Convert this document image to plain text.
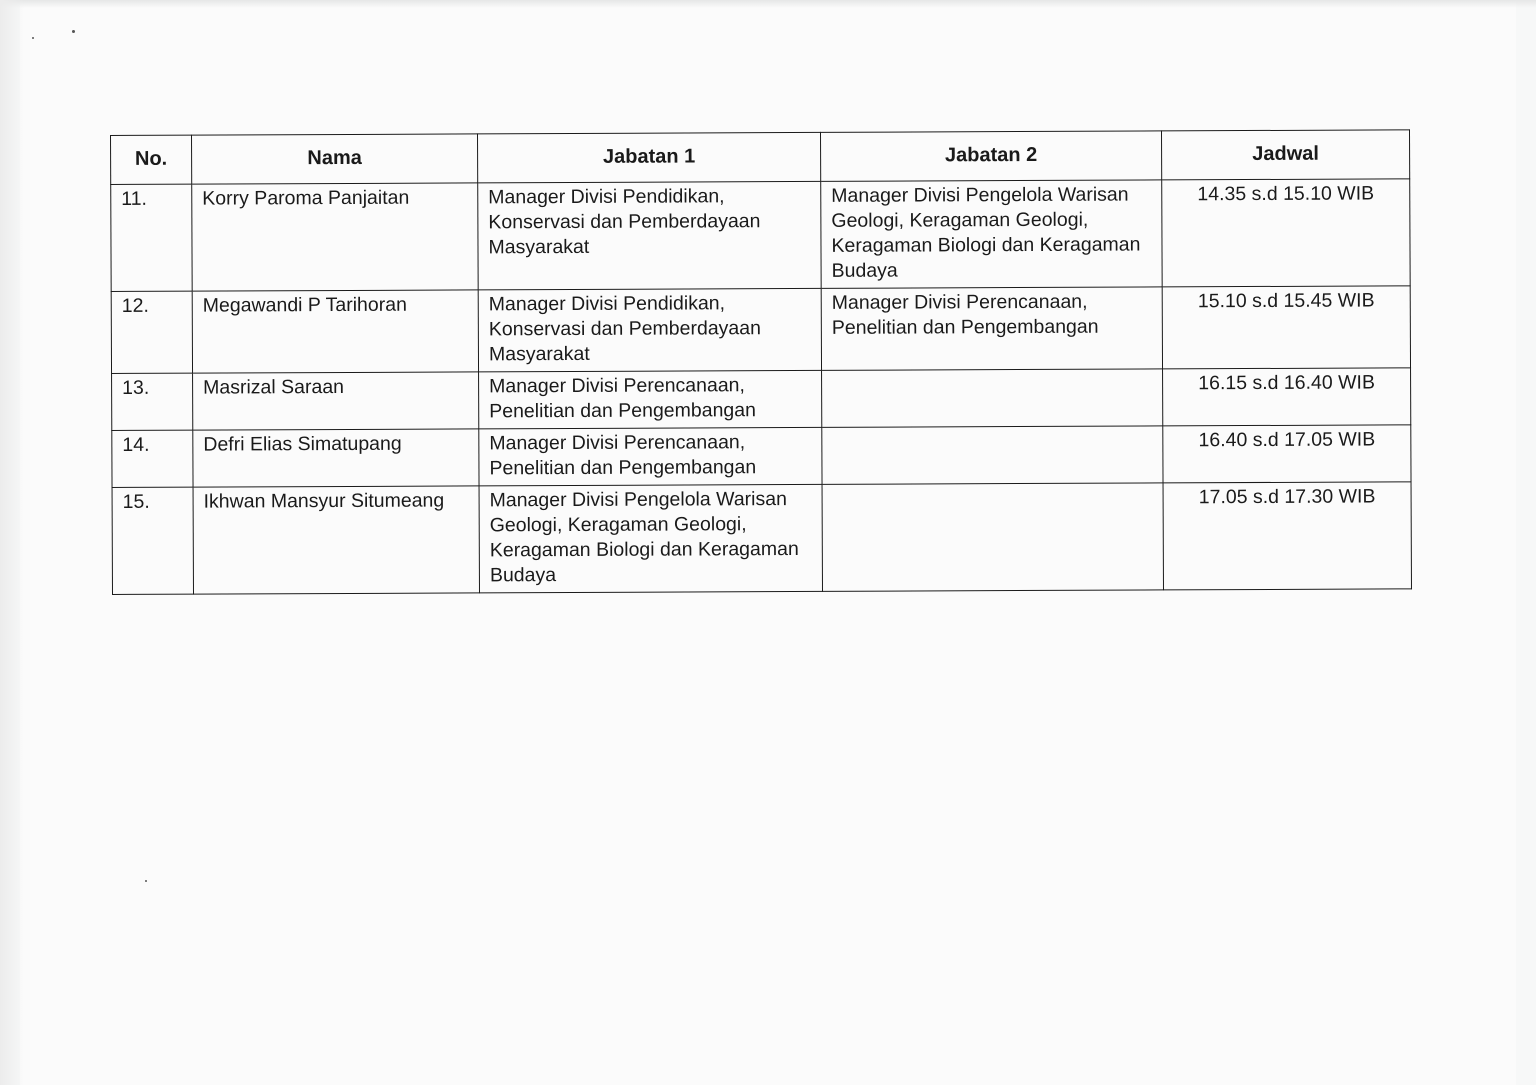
No.	Nama	Jabatan 1	Jabatan 2	Jadwal
11.	Korry Paroma Panjaitan	Manager Divisi Pendidikan, Konservasi dan Pemberdayaan Masyarakat	Manager Divisi Pengelola Warisan Geologi, Keragaman Geologi, Keragaman Biologi dan Keragaman Budaya	14.35 s.d 15.10 WIB
12.	Megawandi P Tarihoran	Manager Divisi Pendidikan, Konservasi dan Pemberdayaan Masyarakat	Manager Divisi Perencanaan, Penelitian dan Pengembangan	15.10 s.d 15.45 WIB
13.	Masrizal Saraan	Manager Divisi Perencanaan, Penelitian dan Pengembangan		16.15 s.d 16.40 WIB
14.	Defri Elias Simatupang	Manager Divisi Perencanaan, Penelitian dan Pengembangan		16.40 s.d 17.05 WIB
15.	Ikhwan Mansyur Situmeang	Manager Divisi Pengelola Warisan Geologi, Keragaman Geologi, Keragaman Biologi dan Keragaman Budaya		17.05 s.d 17.30 WIB
